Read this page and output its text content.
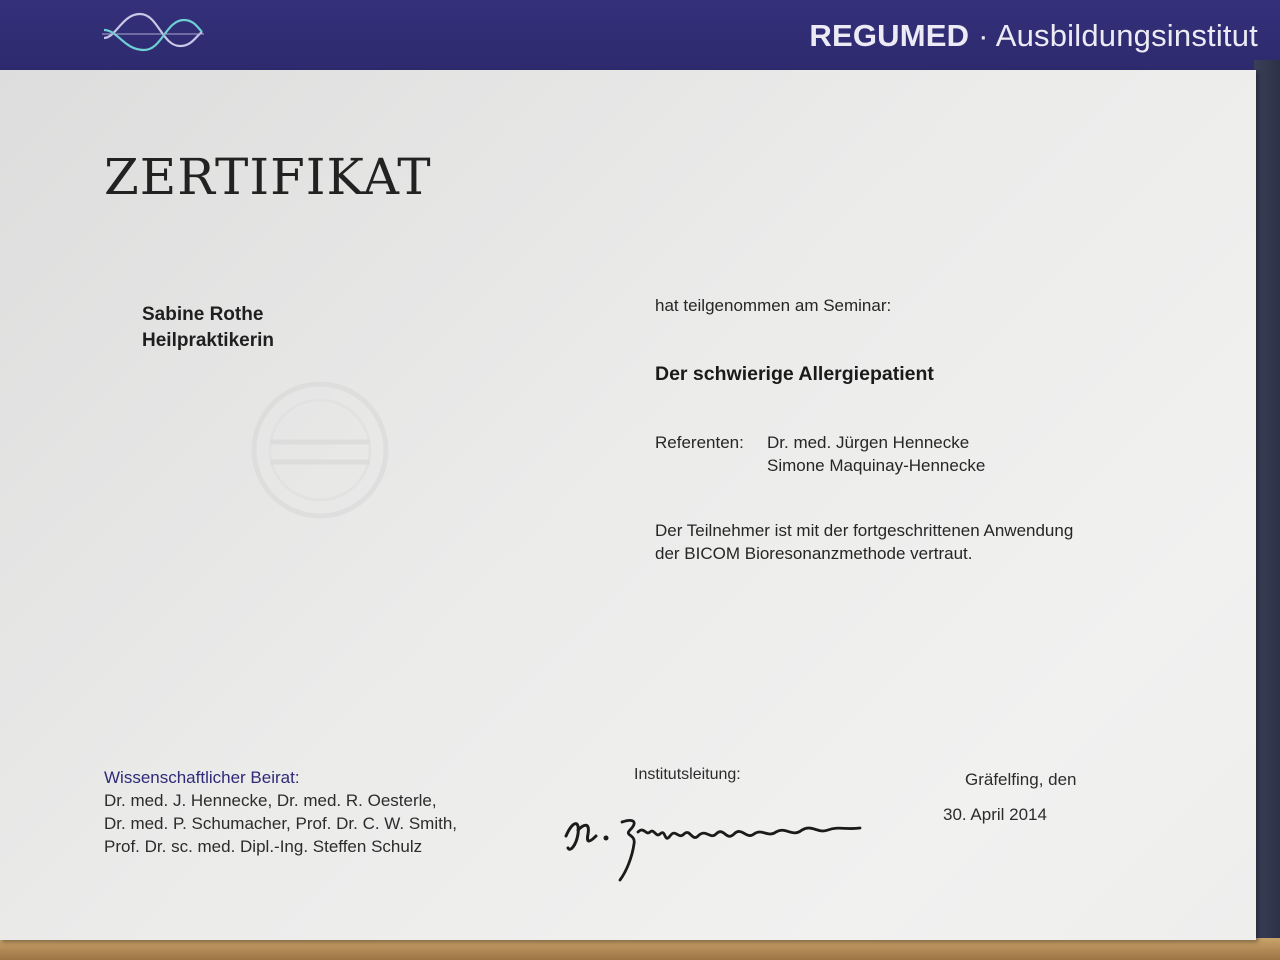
REGUMED · Ausbildungsinstitut
ZERTIFIKAT
Sabine Rothe
Heilpraktikerin
hat teilgenommen am Seminar:
Der schwierige Allergiepatient
Referenten:	Dr. med. Jürgen Hennecke
Simone Maquinay-Hennecke
Der Teilnehmer ist mit der fortgeschrittenen Anwendung
der BICOM Bioresonanzmethode vertraut.
Wissenschaftlicher Beirat:
Dr. med. J. Hennecke, Dr. med. R. Oesterle,
Dr. med. P. Schumacher, Prof. Dr. C. W. Smith,
Prof. Dr. sc. med. Dipl.-Ing. Steffen Schulz
Institutsleitung:	Gräfelfing, den
30. April 2014
